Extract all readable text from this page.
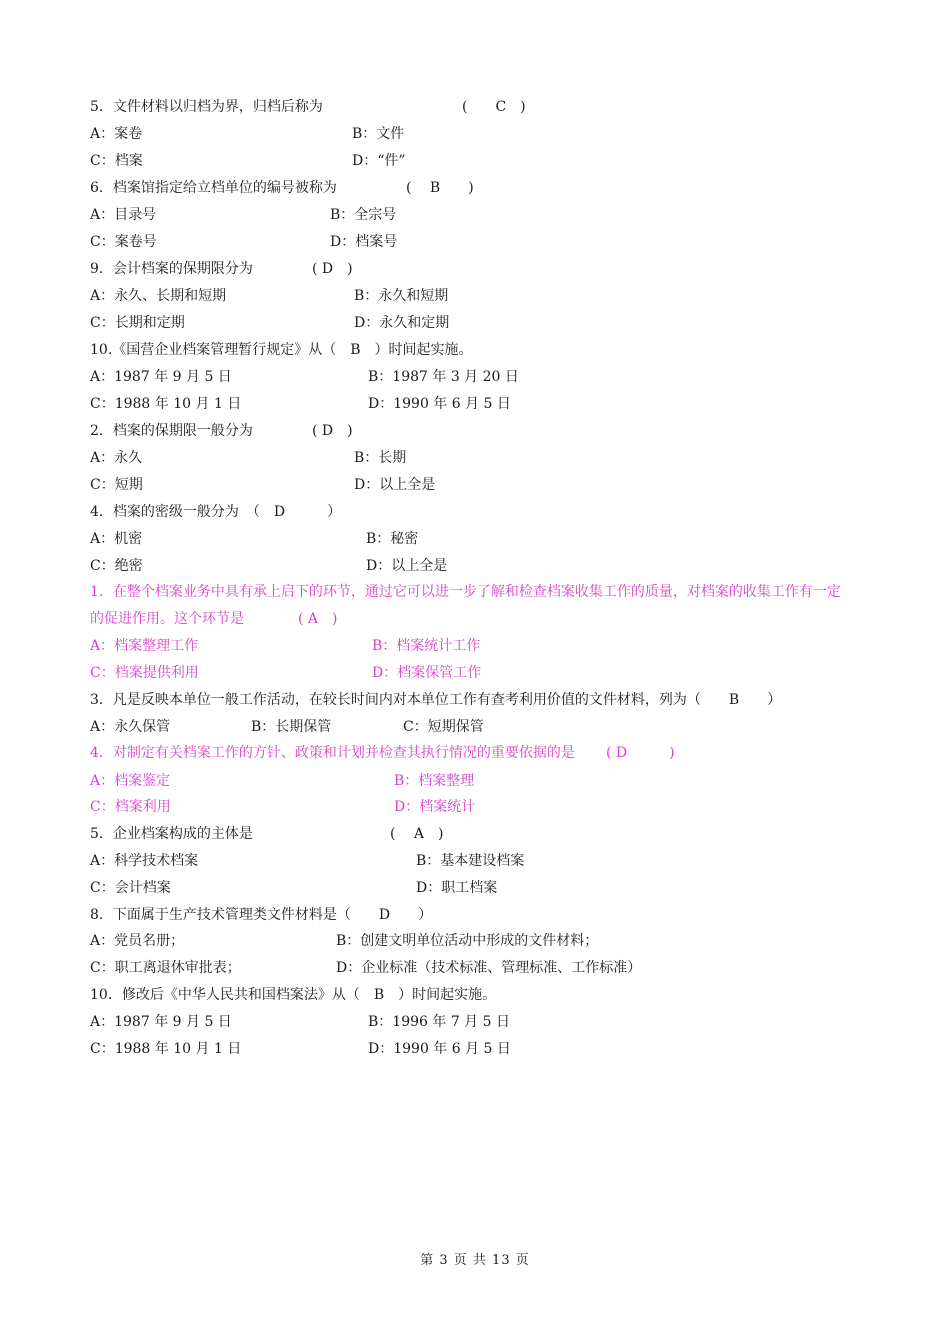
5．文件材料以归档为界，归档后称为	(　　C　)
A：案卷	B：文件
C：档案	D：“件”
6．档案馆指定给立档单位的编号被称为	(　 B　　)
A：目录号	B：全宗号
C：案卷号	D：档案号
9．会计档案的保期限分为	( D　)
A：永久、长期和短期	B：永久和短期
C：长期和定期	D：永久和定期
10.《国营企业档案管理暂行规定》从（　B　）时间起实施。
A：1987 年 9 月 5 日	B：1987 年 3 月 20 日
C：1988 年 10 月 1 日	D：1990 年 6 月 5 日
2．档案的保期限一般分为	( D　)
A：永久	B：长期
C：短期	D：以上全是
4．档案的密级一般分为　（　D　　　）
A：机密	B：秘密
C：绝密	D：以上全是
1．在整个档案业务中具有承上启下的环节，通过它可以进一步了解和检查档案收集工作的质量，对档案的收集工作有一定
的促进作用。这个环节是	( A　)
A：档案整理工作	B：档案统计工作
C：档案提供利用	D：档案保管工作
3．凡是反映本单位一般工作活动，在较长时间内对本单位工作有查考利用价值的文件材料，列为（　　B　　）
A：永久保管	B：长期保管	C：短期保管
4．对制定有关档案工作的方针、政策和计划并检查其执行情况的重要依据的是 ( D　　　)
A：档案鉴定	B：档案整理
C：档案利用	D：档案统计
5．企业档案构成的主体是	(　 A　)
A：科学技术档案	B：基本建设档案
C：会计档案	D：职工档案
8．下面属于生产技术管理类文件材料是（　　D　　）
A：党员名册；	B：创建文明单位活动中形成的文件材料；
C：职工离退休审批表；	D：企业标准（技术标准、管理标准、工作标准）
10．修改后《中华人民共和国档案法》从（　B　）时间起实施。
A：1987 年 9 月 5 日	B：1996 年 7 月 5 日
C：1988 年 10 月 1 日	D：1990 年 6 月 5 日
第 3 页 共 13 页
